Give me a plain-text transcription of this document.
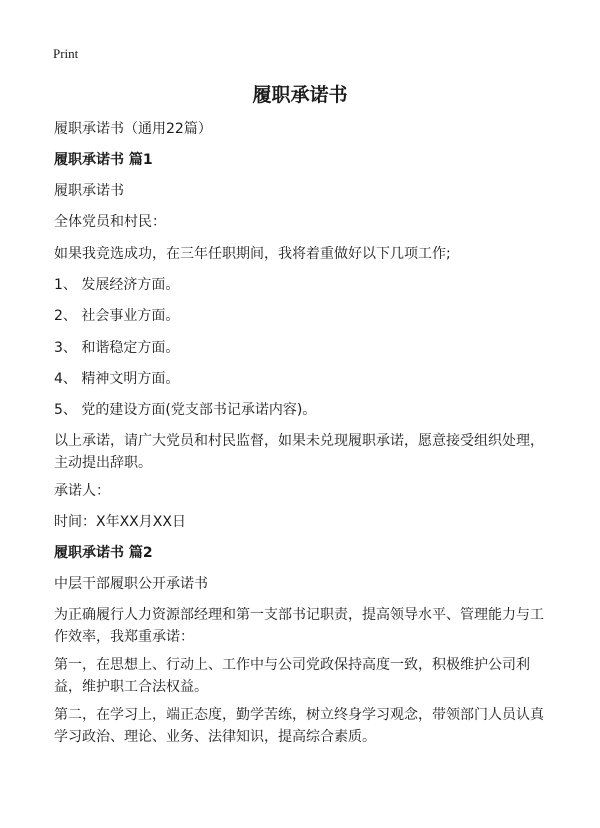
Print
履职承诺书

履职承诺书（通用22篇）

履职承诺书 篇1

履职承诺书

全体党员和村民：

如果我竞选成功，在三年任职期间，我将着重做好以下几项工作;

1、 发展经济方面。

2、 社会事业方面。

3、 和谐稳定方面。

4、 精神文明方面。

5、 党的建设方面(党支部书记承诺内容)。

以上承诺，请广大党员和村民监督，如果未兑现履职承诺，愿意接受组织处理，主动提出辞职。

承诺人：

时间：X年XX月XX日

履职承诺书 篇2

中层干部履职公开承诺书

为正确履行人力资源部经理和第一支部书记职责，提高领导水平、管理能力与工作效率，我郑重承诺：

第一，在思想上、行动上、工作中与公司党政保持高度一致，积极维护公司利益，维护职工合法权益。

第二，在学习上，端正态度，勤学苦练，树立终身学习观念，带领部门人员认真学习政治、理论、业务、法律知识，提高综合素质。
